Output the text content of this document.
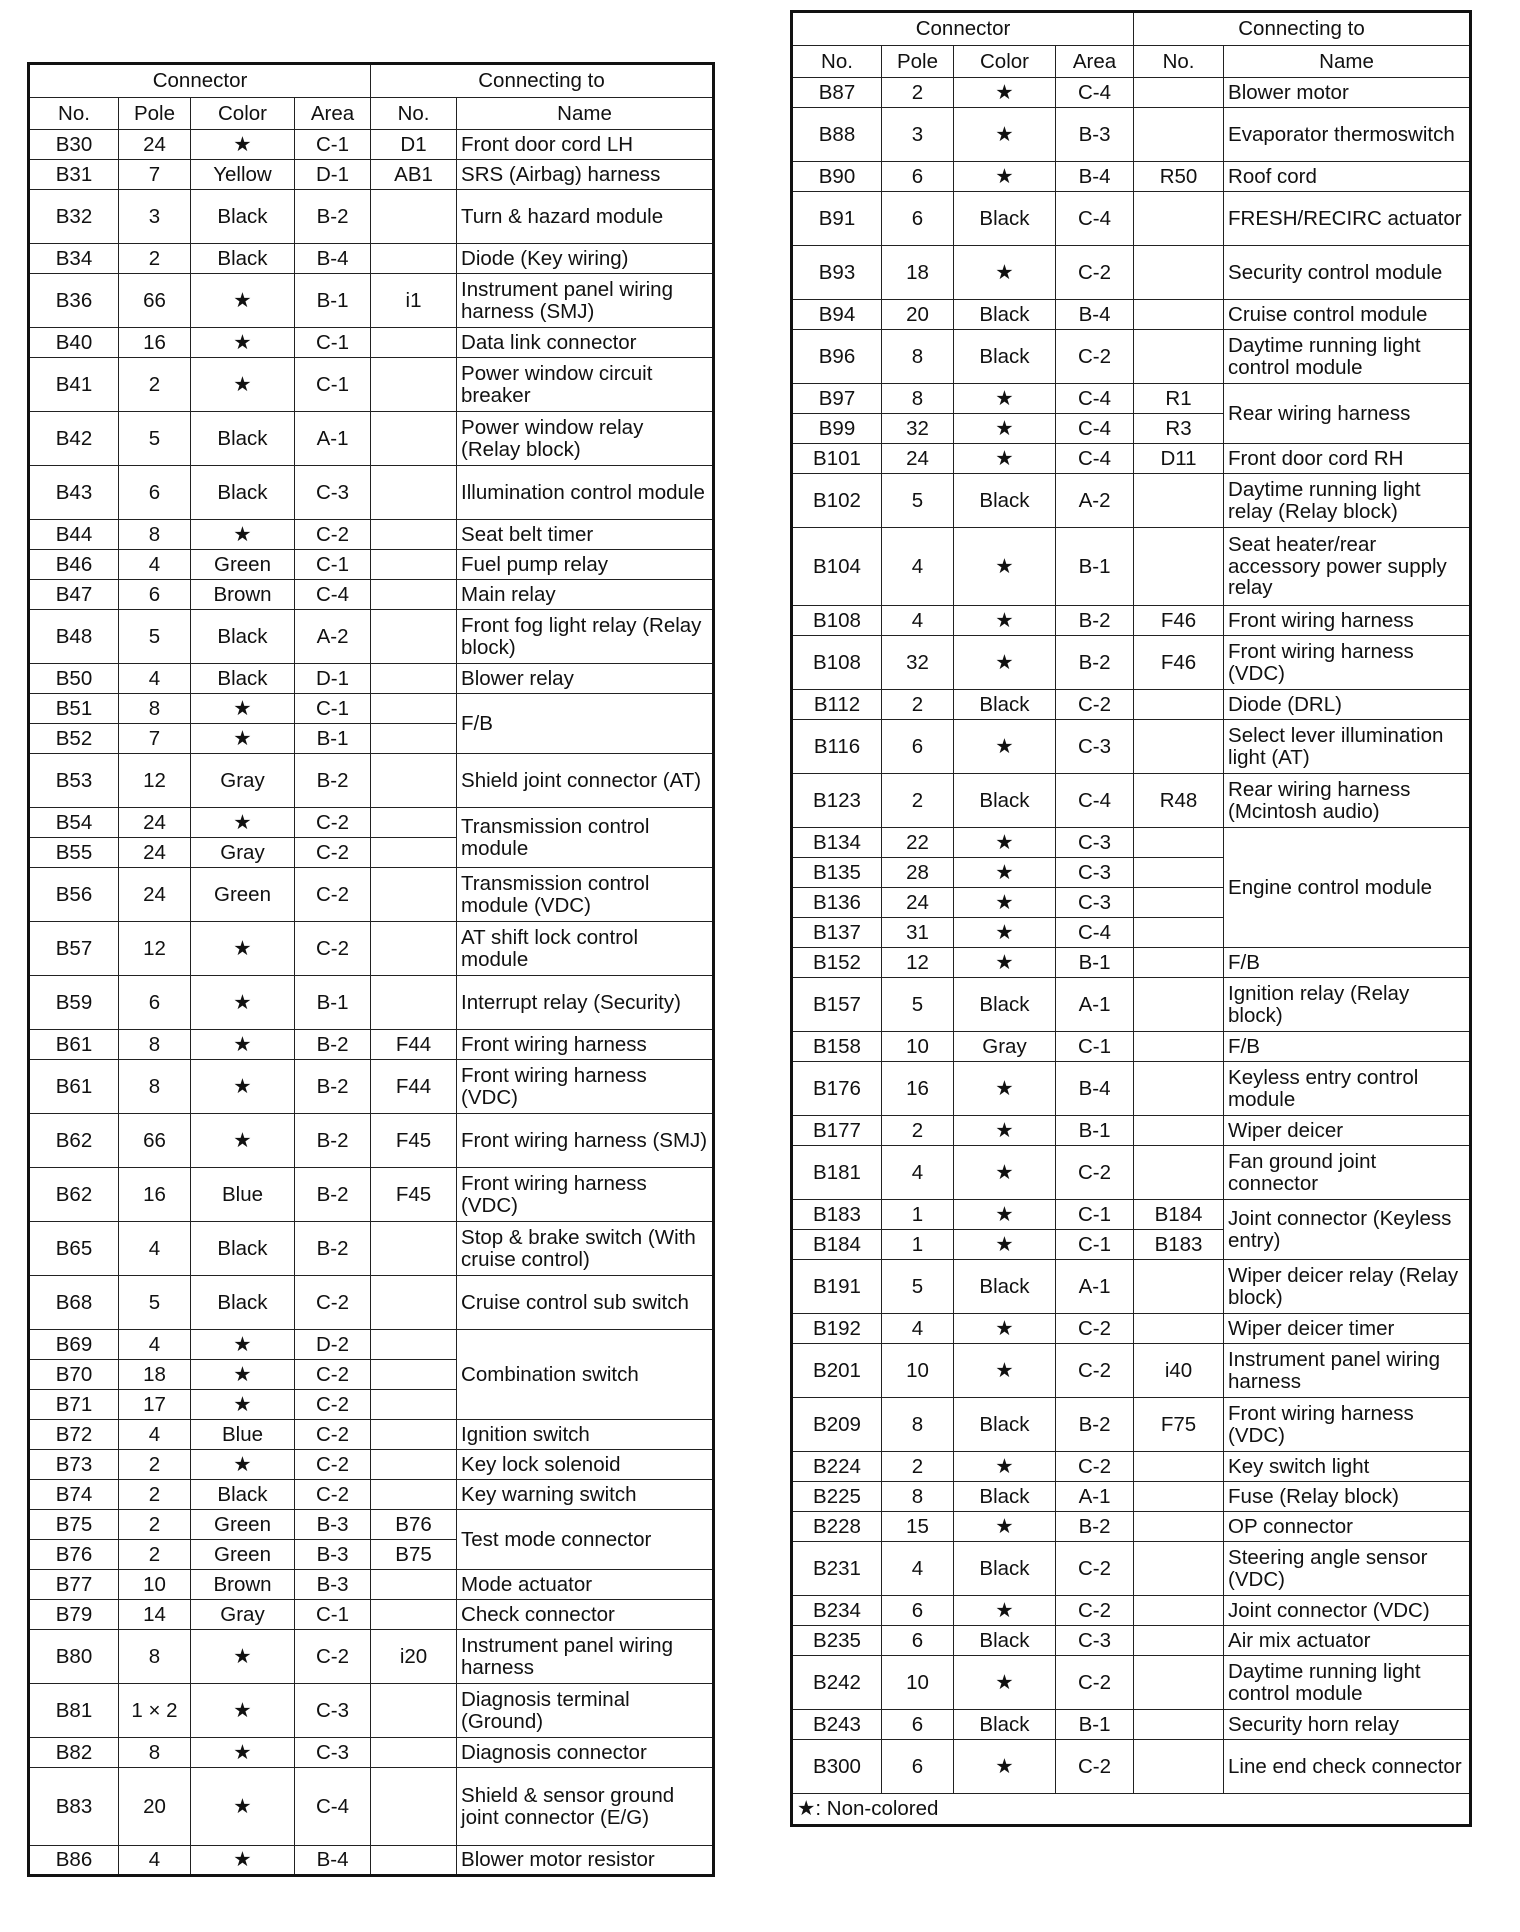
Connector				Connecting to	
No.	Pole	Color	Area	No.	Name
B30	24	★	C-1	D1	Front door cord LH
B31	7	Yellow	D-1	AB1	SRS (Airbag) harness
B32	3	Black	B-2		Turn & hazard module
B34	2	Black	B-4		Diode (Key wiring)
B36	66	★	B-1	i1	Instrument panel wiring harness (SMJ)
B40	16	★	C-1		Data link connector
B41	2	★	C-1		Power window circuit breaker
B42	5	Black	A-1		Power window relay (Relay block)
B43	6	Black	C-3		Illumination control module
B44	8	★	C-2		Seat belt timer
B46	4	Green	C-1		Fuel pump relay
B47	6	Brown	C-4		Main relay
B48	5	Black	A-2		Front fog light relay (Relay block)
B50	4	Black	D-1		Blower relay
B51	8	★	C-1		F/B
B52	7	★	B-1		
B53	12	Gray	B-2		Shield joint connector (AT)
B54	24	★	C-2		Transmission control module
B55	24	Gray	C-2		
B56	24	Green	C-2		Transmission control module (VDC)
B57	12	★	C-2		AT shift lock control module
B59	6	★	B-1		Interrupt relay (Security)
B61	8	★	B-2	F44	Front wiring harness
B61	8	★	B-2	F44	Front wiring harness (VDC)
B62	66	★	B-2	F45	Front wiring harness (SMJ)
B62	16	Blue	B-2	F45	Front wiring harness (VDC)
B65	4	Black	B-2		Stop & brake switch (With cruise control)
B68	5	Black	C-2		Cruise control sub switch
B69	4	★	D-2		Combination switch
B70	18	★	C-2		
B71	17	★	C-2		
B72	4	Blue	C-2		Ignition switch
B73	2	★	C-2		Key lock solenoid
B74	2	Black	C-2		Key warning switch
B75	2	Green	B-3	B76	Test mode connector
B76	2	Green	B-3	B75	
B77	10	Brown	B-3		Mode actuator
B79	14	Gray	C-1		Check connector
B80	8	★	C-2	i20	Instrument panel wiring harness
B81	1 × 2	★	C-3		Diagnosis terminal (Ground)
B82	8	★	C-3		Diagnosis connector
B83	20	★	C-4		Shield & sensor ground joint connector (E/G)
B86	4	★	B-4		Blower motor resistor
Connector				Connecting to	
No.	Pole	Color	Area	No.	Name
B87	2	★	C-4		Blower motor
B88	3	★	B-3		Evaporator thermoswitch
B90	6	★	B-4	R50	Roof cord
B91	6	Black	C-4		FRESH/RECIRC actuator
B93	18	★	C-2		Security control module
B94	20	Black	B-4		Cruise control module
B96	8	Black	C-2		Daytime running light control module
B97	8	★	C-4	R1	Rear wiring harness
B99	32	★	C-4	R3	
B101	24	★	C-4	D11	Front door cord RH
B102	5	Black	A-2		Daytime running light relay (Relay block)
B104	4	★	B-1		Seat heater/rear accessory power supply relay
B108	4	★	B-2	F46	Front wiring harness
B108	32	★	B-2	F46	Front wiring harness (VDC)
B112	2	Black	C-2		Diode (DRL)
B116	6	★	C-3		Select lever illumination light (AT)
B123	2	Black	C-4	R48	Rear wiring harness (Mcintosh audio)
B134	22	★	C-3		Engine control module
B135	28	★	C-3		
B136	24	★	C-3		
B137	31	★	C-4		
B152	12	★	B-1		F/B
B157	5	Black	A-1		Ignition relay (Relay block)
B158	10	Gray	C-1		F/B
B176	16	★	B-4		Keyless entry control module
B177	2	★	B-1		Wiper deicer
B181	4	★	C-2		Fan ground joint connector
B183	1	★	C-1	B184	Joint connector (Keyless entry)
B184	1	★	C-1	B183	
B191	5	Black	A-1		Wiper deicer relay (Relay block)
B192	4	★	C-2		Wiper deicer timer
B201	10	★	C-2	i40	Instrument panel wiring harness
B209	8	Black	B-2	F75	Front wiring harness (VDC)
B224	2	★	C-2		Key switch light
B225	8	Black	A-1		Fuse (Relay block)
B228	15	★	B-2		OP connector
B231	4	Black	C-2		Steering angle sensor (VDC)
B234	6	★	C-2		Joint connector (VDC)
B235	6	Black	C-3		Air mix actuator
B242	10	★	C-2		Daytime running light control module
B243	6	Black	B-1		Security horn relay
B300	6	★	C-2		Line end check connector
★: Non-colored					
